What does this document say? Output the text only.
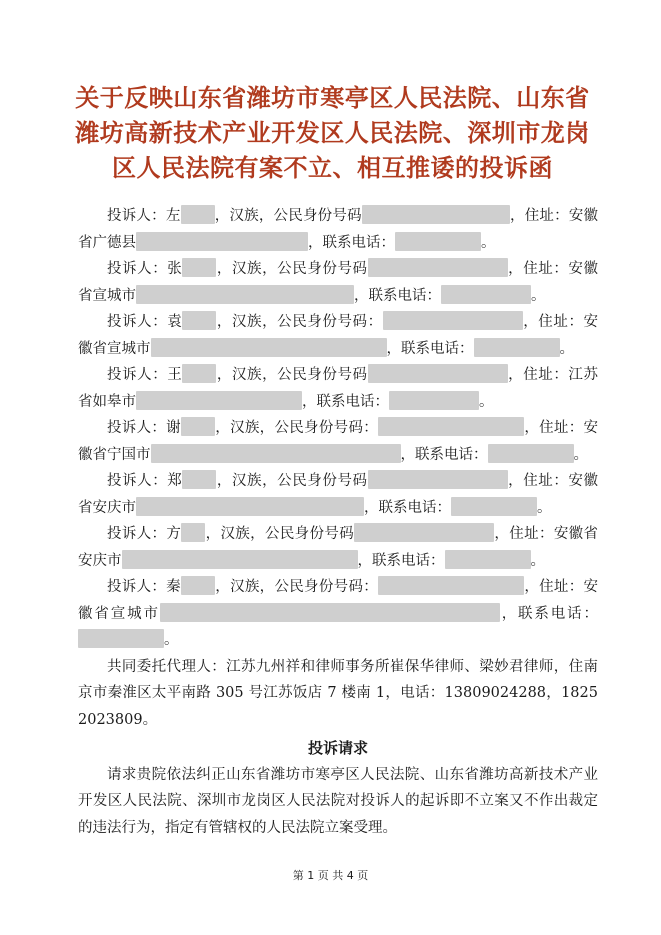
关于反映山东省潍坊市寒亭区人民法院、山东省
潍坊高新技术产业开发区人民法院、深圳市龙岗
区人民法院有案不立、相互推诿的投诉函
投诉人：左 ，汉族，公民身份号码	，住址：安徽省广德县	，联系电话：	。
投诉人：张 ，汉族，公民身份号码	，住址：安徽省宣城市	，联系电话：	。
投诉人：袁 ，汉族，公民身份号码：	，住址：安徽省宣城市	，联系电话：	。
投诉人：王 ，汉族，公民身份号码	，住址：江苏省如皋市	，联系电话：	。
投诉人：谢 ，汉族，公民身份号码：	，住址：安徽省宁国市	，联系电话：	。
投诉人：郑 ，汉族，公民身份号码	，住址：安徽省安庆市	，联系电话：	。
投诉人：方 ，汉族，公民身份号码	，住址：安徽省安庆市	，联系电话：	。
投诉人：秦 ，汉族，公民身份号码：	，住址：安徽省宣城市	，联系电话：。
共同委托代理人：江苏九州祥和律师事务所崔保华律师、梁妙君律师，住南京市秦淮区太平南路 305 号江苏饭店 7 楼南 1，电话：13809024288，18252023809。
投诉请求
请求贵院依法纠正山东省潍坊市寒亭区人民法院、山东省潍坊高新技术产业开发区人民法院、深圳市龙岗区人民法院对投诉人的起诉即不立案又不作出裁定的违法行为，指定有管辖权的人民法院立案受理。
第 1 页 共 4 页
